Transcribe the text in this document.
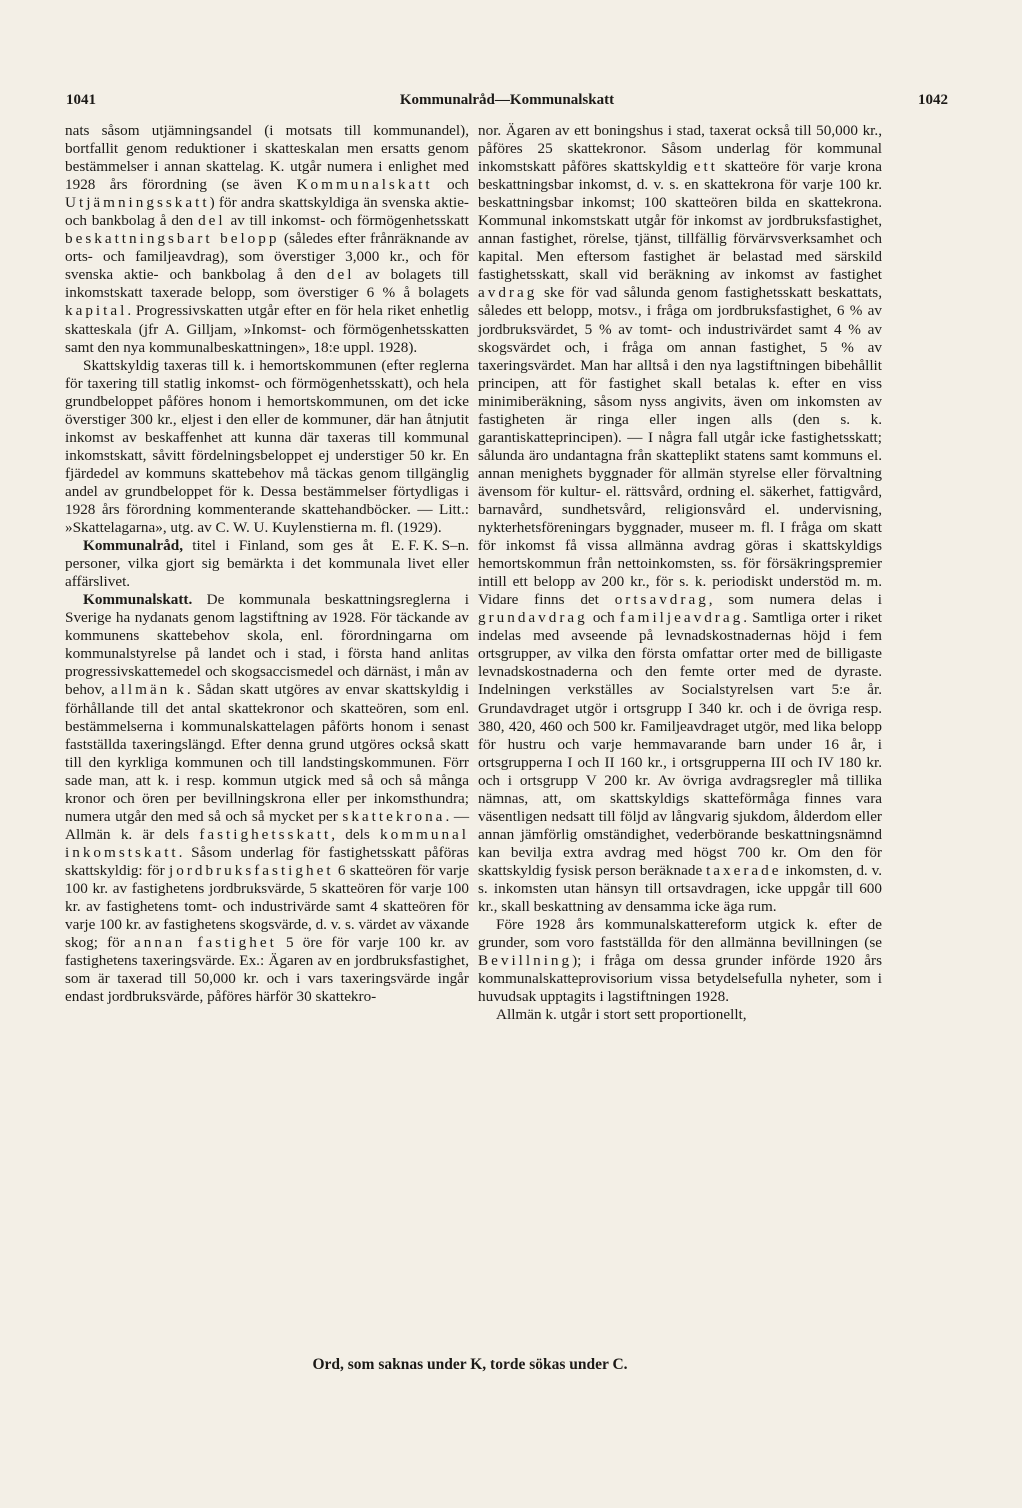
1041	Kommunalråd—Kommunalskatt	1042

nats såsom utjämningsandel (i motsats till kommunandel), bortfallit genom reduktioner i skatteskalan men ersatts genom bestämmelser i annan skattelag. K. utgår numera i enlighet med 1928 års förordning (se även Kommunalskatt och Utjämningsskatt) för andra skattskyldiga än svenska aktie- och bankbolag å den del av till inkomst- och förmögenhetsskatt beskattningsbart belopp (således efter frånräknande av orts- och familjeavdrag), som överstiger 3,000 kr., och för svenska aktie- och bankbolag å den del av bolagets till inkomstskatt taxerade belopp, som överstiger 6 % å bolagets kapital. Progressivskatten utgår efter en för hela riket enhetlig skatteskala (jfr A. Gilljam, »Inkomst- och förmögenhetsskatten samt den nya kommunalbeskattningen», 18:e uppl. 1928).

Skattskyldig taxeras till k. i hemortskommunen (efter reglerna för taxering till statlig inkomst- och förmögenhetsskatt), och hela grundbeloppet påföres honom i hemortskommunen, om det icke överstiger 300 kr., eljest i den eller de kommuner, där han åtnjutit inkomst av beskaffenhet att kunna där taxeras till kommunal inkomstskatt, såvitt fördelningsbeloppet ej understiger 50 kr. En fjärdedel av kommuns skattebehov må täckas genom tillgänglig andel av grundbeloppet för k. Dessa bestämmelser förtydligas i 1928 års förordning kommenterande skattehandböcker. — Litt.: »Skattelagarna», utg. av C. W. U. Kuylenstierna m. fl. (1929).
E. F. K. S–n.

Kommunalråd, titel i Finland, som ges åt personer, vilka gjort sig bemärkta i det kommunala livet eller affärslivet.

Kommunalskatt. De kommunala beskattningsreglerna i Sverige ha nydanats genom lagstiftning av 1928. För täckande av kommunens skattebehov skola, enl. förordningarna om kommunalstyrelse på landet och i stad, i första hand anlitas progressivskattemedel och skogsaccismedel och därnäst, i mån av behov, allmän k. Sådan skatt utgöres av envar skattskyldig i förhållande till det antal skattekronor och skatteören, som enl. bestämmelserna i kommunalskattelagen påförts honom i senast fastställda taxeringslängd. Efter denna grund utgöres också skatt till den kyrkliga kommunen och till landstingskommunen. Förr sade man, att k. i resp. kommun utgick med så och så många kronor och ören per bevillningskrona eller per inkomsthundra; numera utgår den med så och så mycket per skattekrona. — Allmän k. är dels fastighetsskatt, dels kommunal inkomstskatt. Såsom underlag för fastighetsskatt påföras skattskyldig: för jordbruksfastighet 6 skatteören för varje 100 kr. av fastighetens jordbruksvärde, 5 skatteören för varje 100 kr. av fastighetens tomt- och industrivärde samt 4 skatteören för varje 100 kr. av fastighetens skogsvärde, d. v. s. värdet av växande skog; för annan fastighet 5 öre för varje 100 kr. av fastighetens taxeringsvärde. Ex.: Ägaren av en jordbruksfastighet, som är taxerad till 50,000 kr. och i vars taxeringsvärde ingår endast jordbruksvärde, påföres härför 30 skattekro-

nor. Ägaren av ett boningshus i stad, taxerat också till 50,000 kr., påföres 25 skattekronor. Såsom underlag för kommunal inkomstskatt påföres skattskyldig ett skatteöre för varje krona beskattningsbar inkomst, d. v. s. en skattekrona för varje 100 kr. beskattningsbar inkomst; 100 skatteören bilda en skattekrona. Kommunal inkomstskatt utgår för inkomst av jordbruksfastighet, annan fastighet, rörelse, tjänst, tillfällig förvärvsverksamhet och kapital. Men eftersom fastighet är belastad med särskild fastighetsskatt, skall vid beräkning av inkomst av fastighet avdrag ske för vad sålunda genom fastighetsskatt beskattats, således ett belopp, motsv., i fråga om jordbruksfastighet, 6 % av jordbruksvärdet, 5 % av tomt- och industrivärdet samt 4 % av skogsvärdet och, i fråga om annan fastighet, 5 % av taxeringsvärdet. Man har alltså i den nya lagstiftningen bibehållit principen, att för fastighet skall betalas k. efter en viss minimiberäkning, såsom nyss angivits, även om inkomsten av fastigheten är ringa eller ingen alls (den s. k. garantiskatteprincipen). — I några fall utgår icke fastighetsskatt; sålunda äro undantagna från skatteplikt statens samt kommuns el. annan menighets byggnader för allmän styrelse eller förvaltning ävensom för kultur- el. rättsvård, ordning el. säkerhet, fattigvård, barnavård, sundhetsvård, religionsvård el. undervisning, nykterhetsföreningars byggnader, museer m. fl. I fråga om skatt för inkomst få vissa allmänna avdrag göras i skattskyldigs hemortskommun från nettoinkomsten, ss. för försäkringspremier intill ett belopp av 200 kr., för s. k. periodiskt understöd m. m. Vidare finns det ortsavdrag, som numera delas i grundavdrag och familjeavdrag. Samtliga orter i riket indelas med avseende på levnadskostnadernas höjd i fem ortsgrupper, av vilka den första omfattar orter med de billigaste levnadskostnaderna och den femte orter med de dyraste. Indelningen verkställes av Socialstyrelsen vart 5:e år. Grundavdraget utgör i ortsgrupp I 340 kr. och i de övriga resp. 380, 420, 460 och 500 kr. Familjeavdraget utgör, med lika belopp för hustru och varje hemmavarande barn under 16 år, i ortsgrupperna I och II 160 kr., i ortsgrupperna III och IV 180 kr. och i ortsgrupp V 200 kr. Av övriga avdragsregler må tillika nämnas, att, om skattskyldigs skatteförmåga finnes vara väsentligen nedsatt till följd av långvarig sjukdom, ålderdom eller annan jämförlig omständighet, vederbörande beskattningsnämnd kan bevilja extra avdrag med högst 700 kr. Om den för skattskyldig fysisk person beräknade taxerade inkomsten, d. v. s. inkomsten utan hänsyn till ortsavdragen, icke uppgår till 600 kr., skall beskattning av densamma icke äga rum.

Före 1928 års kommunalskattereform utgick k. efter de grunder, som voro fastställda för den allmänna bevillningen (se Bevillning); i fråga om dessa grunder införde 1920 års kommunalskatteprovisorium vissa betydelsefulla nyheter, som i huvudsak upptagits i lagstiftningen 1928.

Allmän k. utgår i stort sett proportionellt,

Ord, som saknas under K, torde sökas under C.
